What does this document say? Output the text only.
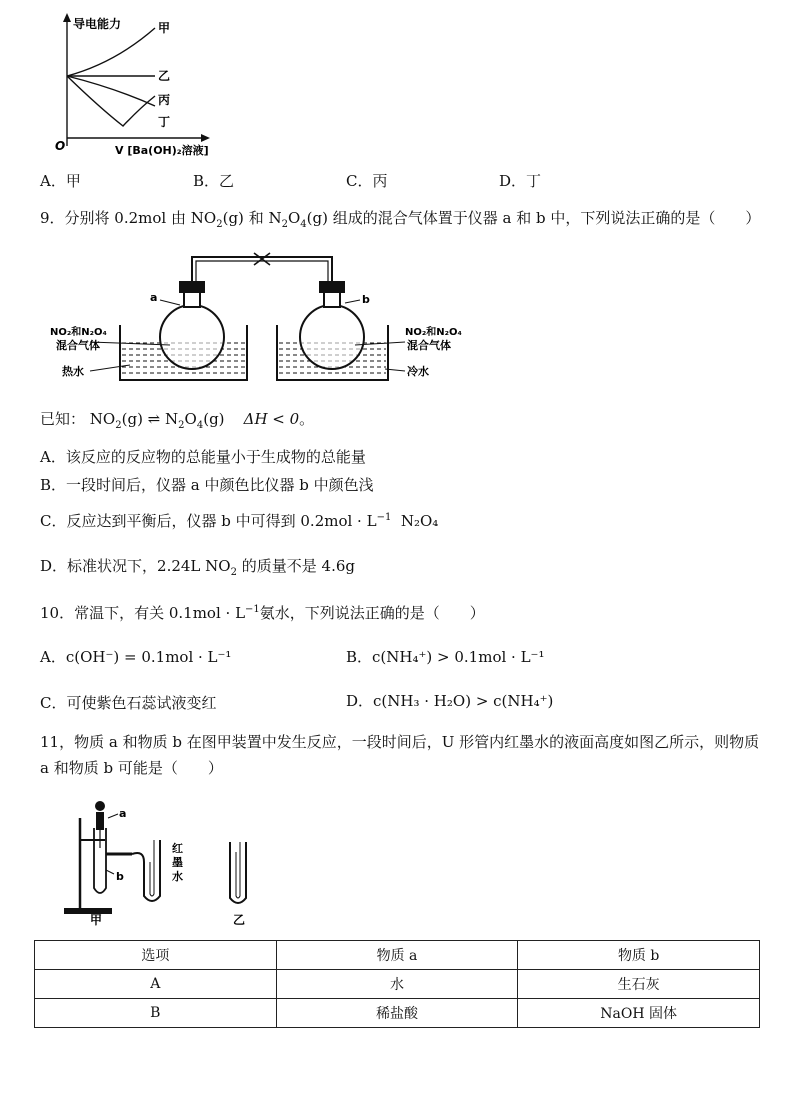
导电能力	甲
乙
丙
丁
O	V [Ba(OH)₂溶液]
A．甲	B．乙	C．丙	D．丁
9．分别将 0.2mol 由 $NO_2(g)$ 和 $N_2O_4(g)$ 组成的混合气体置于仪器 a 和 b 中，下列说法正确的是（　　）
a	b
NO₂和N₂O₄
混合气体
热水
NO₂和N₂O₄
混合气体
冷水
已知： $NO_2(g)$ ⇌ $N_2O_4(g) \Delta H < 0$。
A．该反应的反应物的总能量小于生成物的总能量
B．一段时间后，仪器 a 中颜色比仪器 b 中颜色浅
C．反应达到平衡后，仪器 b 中可得到 $0.2mol \cdot L^{-1}$ N₂O₄
D．标准状况下，2.24L $NO_2$ 的质量不是 4.6g
10．常温下，有关 $0.1mol \cdot L^{-1}$氨水，下列说法正确的是（　　）
A．c(OH⁻) = 0.1mol · L⁻¹	B．c(NH₄⁺) > 0.1mol · L⁻¹
C．可使紫色石蕊试液变红	D．c(NH₃ · H₂O) > c(NH₄⁺)
11，物质 a 和物质 b 在图甲装置中发生反应，一段时间后，U 形管内红墨水的液面高度如图乙所示，则物质
a 和物质 b 可能是（　　）
a
b
红
墨
水
甲	乙
选项	物质 a	物质 b
A	水	生石灰
B	稀盐酸	NaOH 固体
